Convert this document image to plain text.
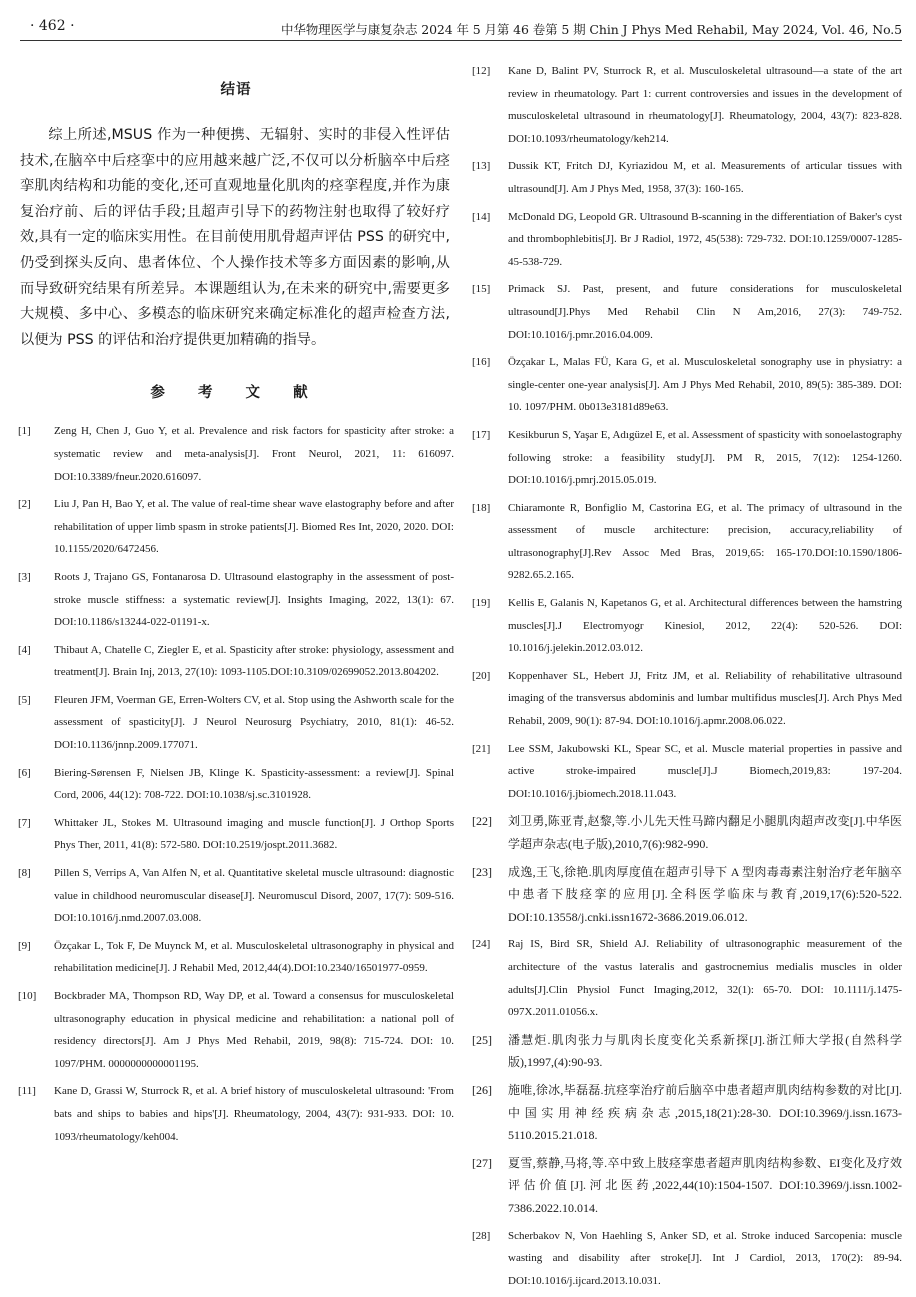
· 462 ·	中华物理医学与康复杂志 2024 年 5 月第 46 卷第 5 期 Chin J Phys Med Rehabil, May 2024, Vol. 46, No.5
结语

综上所述,MSUS 作为一种便携、无辐射、实时的非侵入性评估技术,在脑卒中后痉挛中的应用越来越广泛,不仅可以分析脑卒中后痉挛肌肉结构和功能的变化,还可直观地量化肌肉的痉挛程度,并作为康复治疗前、后的评估手段;且超声引导下的药物注射也取得了较好疗效,具有一定的临床实用性。在目前使用肌骨超声评估 PSS 的研究中,仍受到探头反向、患者体位、个人操作技术等多方面因素的影响,从而导致研究结果有所差异。本课题组认为,在未来的研究中,需要更多大规模、多中心、多模态的临床研究来确定标准化的超声检查方法,以便为 PSS 的评估和治疗提供更加精确的指导。

参 考 文 献
[1]	Zeng H, Chen J, Guo Y, et al. Prevalence and risk factors for spasticity after stroke: a systematic review and meta-analysis[J]. Front Neurol, 2021, 11: 616097. DOI:10.3389/fneur.2020.616097.
[2]	Liu J, Pan H, Bao Y, et al. The value of real-time shear wave elastography before and after rehabilitation of upper limb spasm in stroke patients[J]. Biomed Res Int, 2020, 2020. DOI: 10.1155/2020/6472456.
[3]	Roots J, Trajano GS, Fontanarosa D. Ultrasound elastography in the assessment of post-stroke muscle stiffness: a systematic review[J]. Insights Imaging, 2022, 13(1): 67. DOI:10.1186/s13244-022-01191-x.
[4]	Thibaut A, Chatelle C, Ziegler E, et al. Spasticity after stroke: physiology, assessment and treatment[J]. Brain Inj, 2013, 27(10): 1093-1105.DOI:10.3109/02699052.2013.804202.
[5]	Fleuren JFM, Voerman GE, Erren-Wolters CV, et al. Stop using the Ashworth scale for the assessment of spasticity[J]. J Neurol Neurosurg Psychiatry, 2010, 81(1): 46-52. DOI:10.1136/jnnp.2009.177071.
[6]	Biering-Sørensen F, Nielsen JB, Klinge K. Spasticity-assessment: a review[J]. Spinal Cord, 2006, 44(12): 708-722. DOI:10.1038/sj.sc.3101928.
[7]	Whittaker JL, Stokes M. Ultrasound imaging and muscle function[J]. J Orthop Sports Phys Ther, 2011, 41(8): 572-580. DOI:10.2519/jospt.2011.3682.
[8]	Pillen S, Verrips A, Van Alfen N, et al. Quantitative skeletal muscle ultrasound: diagnostic value in childhood neuromuscular disease[J]. Neuromuscul Disord, 2007, 17(7): 509-516. DOI:10.1016/j.nmd.2007.03.008.
[9]	Özçakar L, Tok F, De Muynck M, et al. Musculoskeletal ultrasonography in physical and rehabilitation medicine[J]. J Rehabil Med, 2012,44(4).DOI:10.2340/16501977-0959.
[10]	Bockbrader MA, Thompson RD, Way DP, et al. Toward a consensus for musculoskeletal ultrasonography education in physical medicine and rehabilitation: a national poll of residency directors[J]. Am J Phys Med Rehabil, 2019, 98(8): 715-724. DOI: 10. 1097/PHM. 0000000000001195.
[11]	Kane D, Grassi W, Sturrock R, et al. A brief history of musculoskeletal ultrasound: 'From bats and ships to babies and hips'[J]. Rheumatology, 2004, 43(7): 931-933. DOI: 10. 1093/rheumatology/keh004.
[12]	Kane D, Balint PV, Sturrock R, et al. Musculoskeletal ultrasound—a state of the art review in rheumatology. Part 1: current controversies and issues in the development of musculoskeletal ultrasound in rheumatology[J]. Rheumatology, 2004, 43(7): 823-828. DOI:10.1093/rheumatology/keh214.
[13]	Dussik KT, Fritch DJ, Kyriazidou M, et al. Measurements of articular tissues with ultrasound[J]. Am J Phys Med, 1958, 37(3): 160-165.
[14]	McDonald DG, Leopold GR. Ultrasound B-scanning in the differentiation of Baker's cyst and thrombophlebitis[J]. Br J Radiol, 1972, 45(538): 729-732. DOI:10.1259/0007-1285-45-538-729.
[15]	Primack SJ. Past, present, and future considerations for musculoskeletal ultrasound[J].Phys Med Rehabil Clin N Am,2016, 27(3): 749-752. DOI:10.1016/j.pmr.2016.04.009.
[16]	Özçakar L, Malas FÜ, Kara G, et al. Musculoskeletal sonography use in physiatry: a single-center one-year analysis[J]. Am J Phys Med Rehabil, 2010, 89(5): 385-389. DOI: 10. 1097/PHM. 0b013e3181d89e63.
[17]	Kesikburun S, Yaşar E, Adıgüzel E, et al. Assessment of spasticity with sonoelastography following stroke: a feasibility study[J]. PM R, 2015, 7(12): 1254-1260. DOI:10.1016/j.pmrj.2015.05.019.
[18]	Chiaramonte R, Bonfiglio M, Castorina EG, et al. The primacy of ultrasound in the assessment of muscle architecture: precision, accuracy,reliability of ultrasonography[J].Rev Assoc Med Bras, 2019,65: 165-170.DOI:10.1590/1806-9282.65.2.165.
[19]	Kellis E, Galanis N, Kapetanos G, et al. Architectural differences between the hamstring muscles[J].J Electromyogr Kinesiol, 2012, 22(4): 520-526. DOI: 10.1016/j.jelekin.2012.03.012.
[20]	Koppenhaver SL, Hebert JJ, Fritz JM, et al. Reliability of rehabilitative ultrasound imaging of the transversus abdominis and lumbar multifidus muscles[J]. Arch Phys Med Rehabil, 2009, 90(1): 87-94. DOI:10.1016/j.apmr.2008.06.022.
[21]	Lee SSM, Jakubowski KL, Spear SC, et al. Muscle material properties in passive and active stroke-impaired muscle[J].J Biomech,2019,83: 197-204. DOI:10.1016/j.jbiomech.2018.11.043.
[22]	刘卫勇,陈亚青,赵黎,等.小儿先天性马蹄内翻足小腿肌肉超声改变[J].中华医学超声杂志(电子版),2010,7(6):982-990.
[23]	成逸,王飞,徐艳.肌肉厚度值在超声引导下 A 型肉毒毒素注射治疗老年脑卒中患者下肢痉挛的应用[J].全科医学临床与教育,2019,17(6):520-522. DOI:10.13558/j.cnki.issn1672-3686.2019.06.012.
[24]	Raj IS, Bird SR, Shield AJ. Reliability of ultrasonographic measurement of the architecture of the vastus lateralis and gastrocnemius medialis muscles in older adults[J].Clin Physiol Funct Imaging,2012, 32(1): 65-70. DOI: 10.1111/j.1475-097X.2011.01056.x.
[25]	潘慧炬.肌肉张力与肌肉长度变化关系新探[J].浙江师大学报(自然科学版),1997,(4):90-93.
[26]	施唯,徐冰,毕磊磊.抗痉挛治疗前后脑卒中患者超声肌肉结构参数的对比[J].中国实用神经疾病杂志,2015,18(21):28-30. DOI:10.3969/j.issn.1673-5110.2015.21.018.
[27]	夏雪,蔡静,马将,等.卒中致上肢痉挛患者超声肌肉结构参数、EI变化及疗效评估价值[J].河北医药,2022,44(10):1504-1507. DOI:10.3969/j.issn.1002-7386.2022.10.014.
[28]	Scherbakov N, Von Haehling S, Anker SD, et al. Stroke induced Sarcopenia: muscle wasting and disability after stroke[J]. Int J Cardiol, 2013, 170(2): 89-94. DOI:10.1016/j.ijcard.2013.10.031.
